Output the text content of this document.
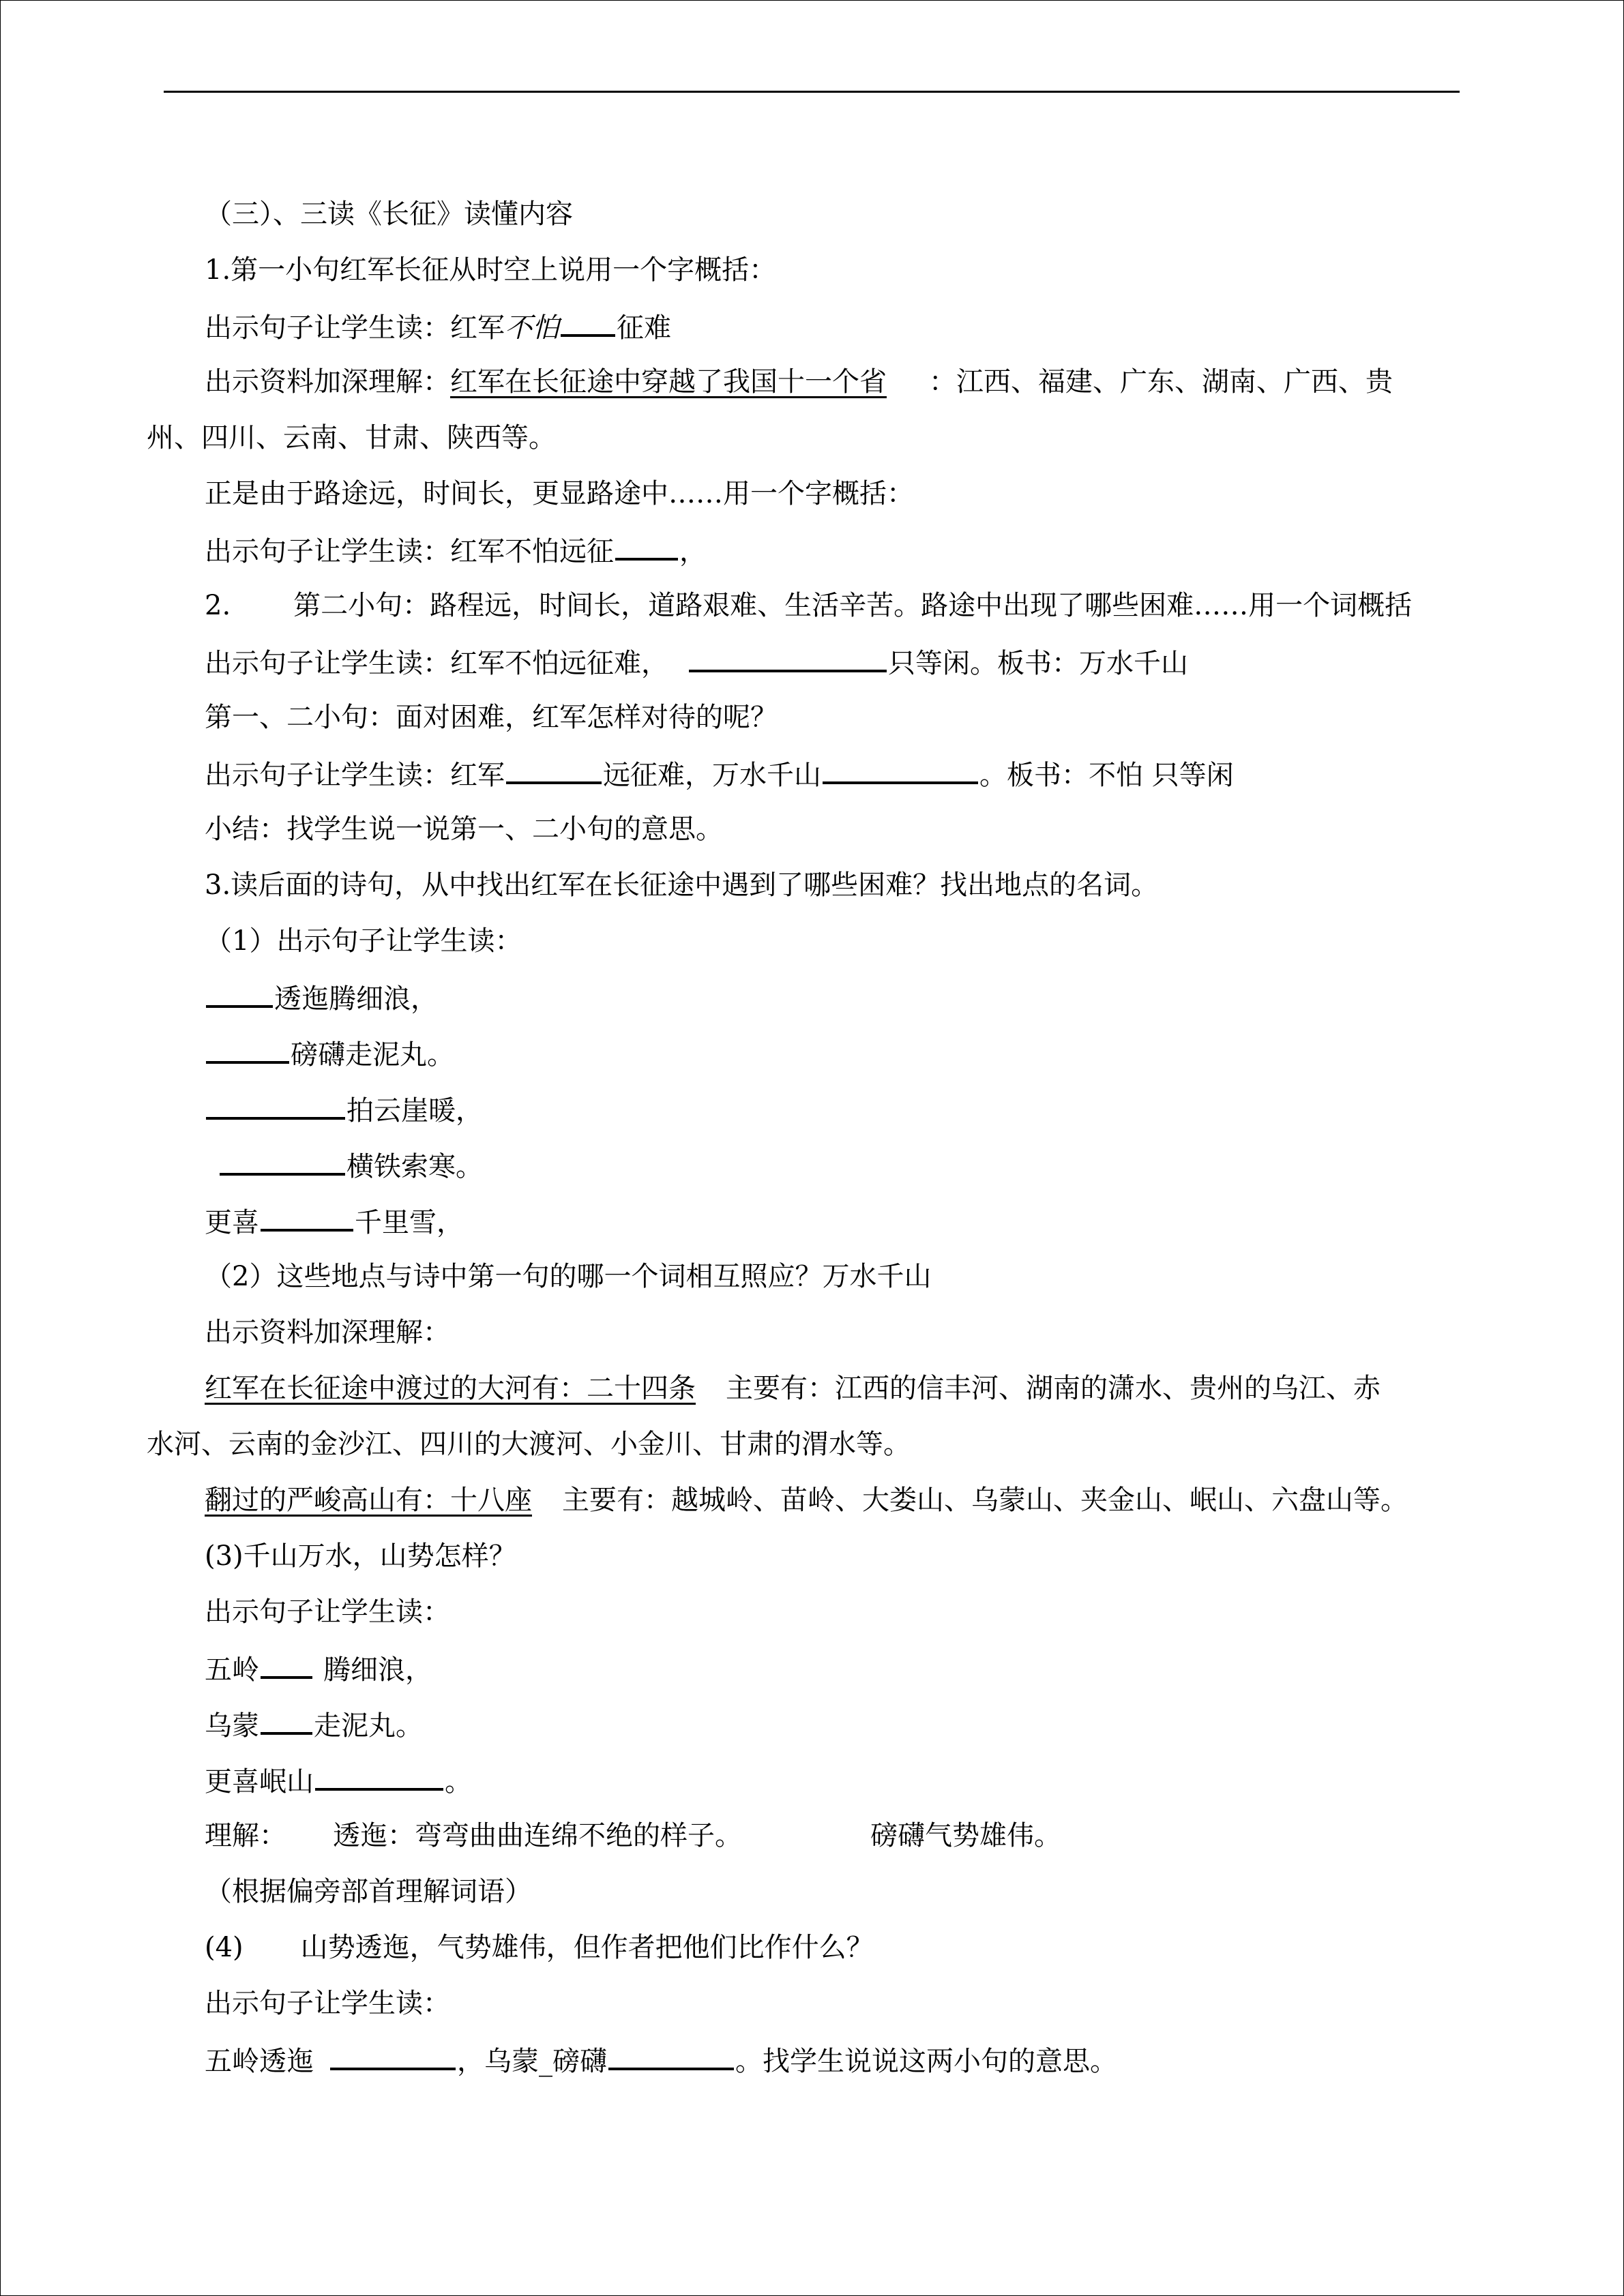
（三）、三读《长征》读懂内容
1.第一小句红军长征从时空上说用一个字概括：
出示句子让学生读：红军不怕 征难
出示资料加深理解：红军在长征途中穿越了我国十一个省 ：江西、福建、广东、湖南、广西、贵
州、四川、云南、甘肃、陕西等。
正是由于路途远，时间长，更显路途中……用一个字概括：
出示句子让学生读：红军不怕远征 ，
2. 第二小句：路程远，时间长，道路艰难、生活辛苦。路途中出现了哪些困难……用一个词概括
出示句子让学生读：红军不怕远征难，	只等闲。板书：万水千山
第一、二小句：面对困难，红军怎样对待的呢？
出示句子让学生读：红军	远征难，万水千山	。板书：不怕 只等闲
小结：找学生说一说第一、二小句的意思。
3.读后面的诗句，从中找出红军在长征途中遇到了哪些困难？找出地点的名词。
（1）出示句子让学生读：
透迤腾细浪，
磅礴走泥丸。
拍云崖暖，
横铁索寒。
更喜	千里雪，
（2）这些地点与诗中第一句的哪一个词相互照应？万水千山
出示资料加深理解：
红军在长征途中渡过的大河有：二十四条 主要有：江西的信丰河、湖南的潇水、贵州的乌江、赤
水河、云南的金沙江、四川的大渡河、小金川、甘肃的渭水等。
翻过的严峻高山有：十八座 主要有：越城岭、苗岭、大娄山、乌蒙山、夹金山、岷山、六盘山等。
(3)千山万水，山势怎样？
出示句子让学生读：
五岭 腾细浪，
乌蒙 走泥丸。
更喜岷山	。
理解： 透迤：弯弯曲曲连绵不绝的样子。	磅礴气势雄伟。
（根据偏旁部首理解词语）
(4) 山势透迤，气势雄伟，但作者把他们比作什么？
出示句子让学生读：
五岭透迤	，乌蒙_磅礴	。找学生说说这两小句的意思。
